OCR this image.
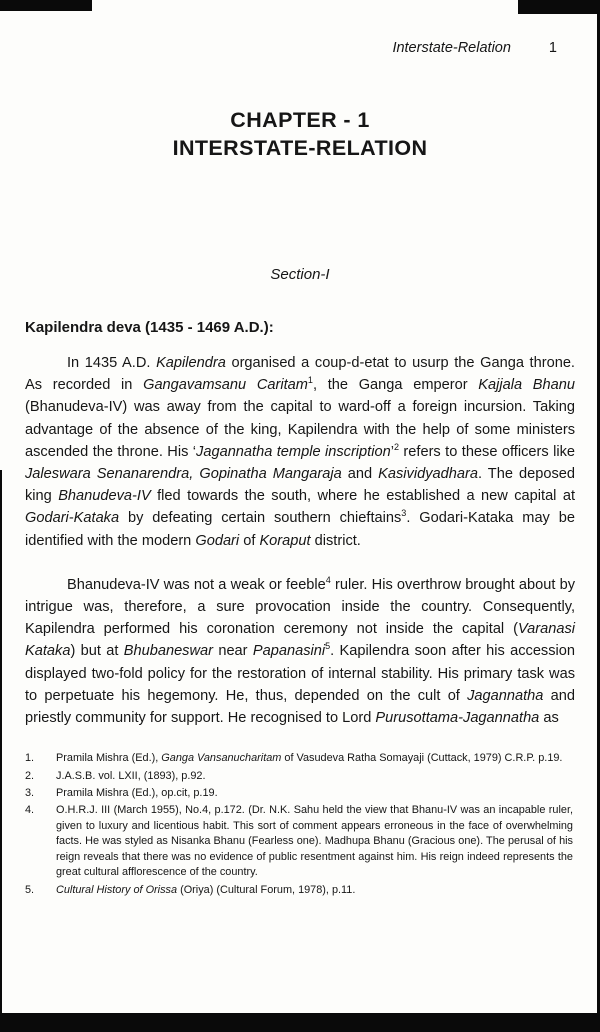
Interstate-Relation	1
CHAPTER - 1
INTERSTATE-RELATION
Section-I
Kapilendra deva (1435 - 1469 A.D.):

In 1435 A.D. Kapilendra organised a coup-d-etat to usurp the Ganga throne. As recorded in Gangavamsanu Caritam$^1$, the Ganga emperor Kajjala Bhanu (Bhanudeva-IV) was away from the capital to ward-off a foreign incursion. Taking advantage of the absence of the king, Kapilendra with the help of some ministers ascended the throne. His ‘Jagannatha temple inscription’$^2$ refers to these officers like Jaleswara Senanarendra, Gopinatha Mangaraja and Kasividyadhara. The deposed king Bhanudeva-IV fled towards the south, where he established a new capital at Godari-Kataka by defeating certain southern chieftains$^3$. Godari-Kataka may be identified with the modern Godari of Koraput district.

Bhanudeva-IV was not a weak or feeble$^4$ ruler. His overthrow brought about by intrigue was, therefore, a sure provocation inside the country. Consequently, Kapilendra performed his coronation ceremony not inside the capital (Varanasi Kataka) but at Bhubaneswar near Papanasini$^5$. Kapilendra soon after his accession displayed two-fold policy for the restoration of internal stability. His primary task was to perpetuate his hegemony. He, thus, depended on the cult of Jagannatha and priestly community for support. He recognised to Lord Purusottama-Jagannatha as

1.	Pramila Mishra (Ed.), Ganga Vansanucharitam of Vasudeva Ratha Somayaji (Cuttack, 1979) C.R.P. p.19.
2.	J.A.S.B. vol. LXII, (1893), p.92.
3.	Pramila Mishra (Ed.), op.cit, p.19.
4.	O.H.R.J. III (March 1955), No.4, p.172. (Dr. N.K. Sahu held the view that Bhanu-IV was an incapable ruler, given to luxury and licentious habit. This sort of comment appears erroneous in the face of overwhelming facts. He was styled as Nisanka Bhanu (Fearless one). Madhupa Bhanu (Gracious one). The perusal of his reign reveals that there was no evidence of public resentment against him. His reign indeed represents the great cultural afflorescence of the country.
5.	Cultural History of Orissa (Oriya) (Cultural Forum, 1978), p.11.
